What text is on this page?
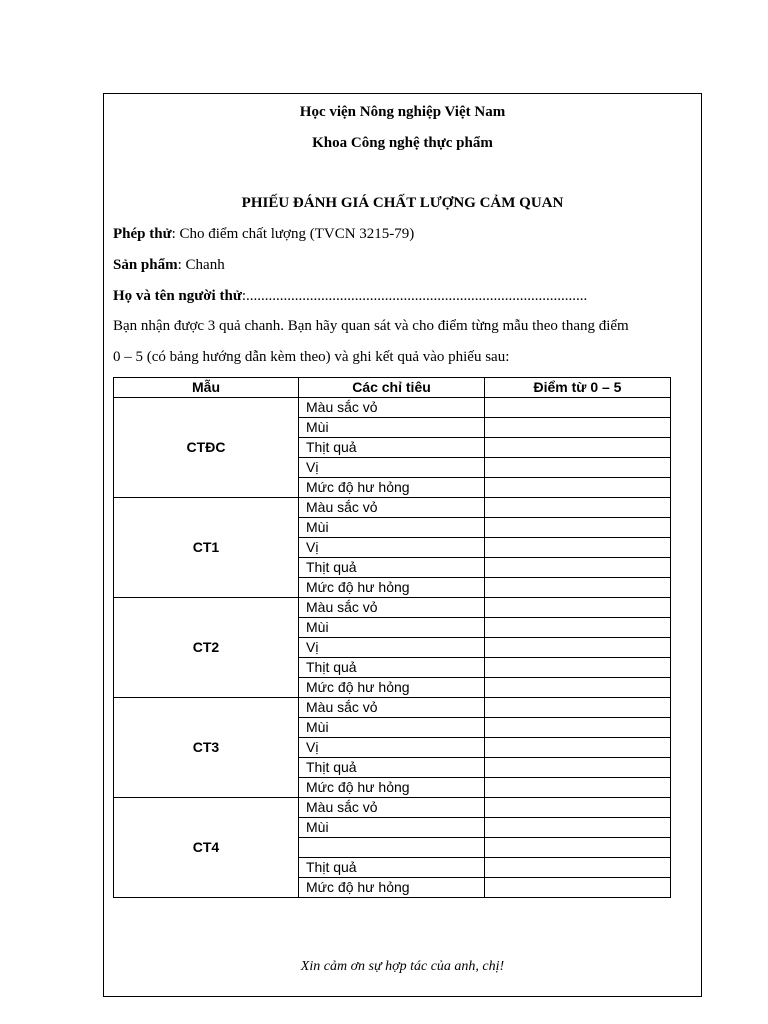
Học viện Nông nghiệp Việt Nam
Khoa Công nghệ thực phẩm
PHIẾU ĐÁNH GIÁ CHẤT LƯỢNG CẢM QUAN
Phép thử: Cho điểm chất lượng (TVCN 3215-79)
Sản phẩm: Chanh
Họ và tên người thử:...........................................................................................
Bạn nhận được 3 quả chanh. Bạn hãy quan sát và cho điểm từng mẫu theo thang điểm
0 – 5 (có bảng hướng dẫn kèm theo) và ghi kết quả vào phiếu sau:
Mẫu	Các chỉ tiêu	Điểm từ 0 – 5
CTĐC	Màu sắc vỏ	
	Mùi	
	Thịt quả	
	Vị	
	Mức độ hư hỏng	
CT1	Màu sắc vỏ	
	Mùi	
	Vị	
	Thịt quả	
	Mức độ hư hỏng	
CT2	Màu sắc vỏ	
	Mùi	
	Vị	
	Thịt quả	
	Mức độ hư hỏng	
CT3	Màu sắc vỏ	
	Mùi	
	Vị	
	Thịt quả	
	Mức độ hư hỏng	
CT4	Màu sắc vỏ	
	Mùi	

	Thịt quả	
	Mức độ hư hỏng	
Xin cảm ơn sự hợp tác của anh, chị!
